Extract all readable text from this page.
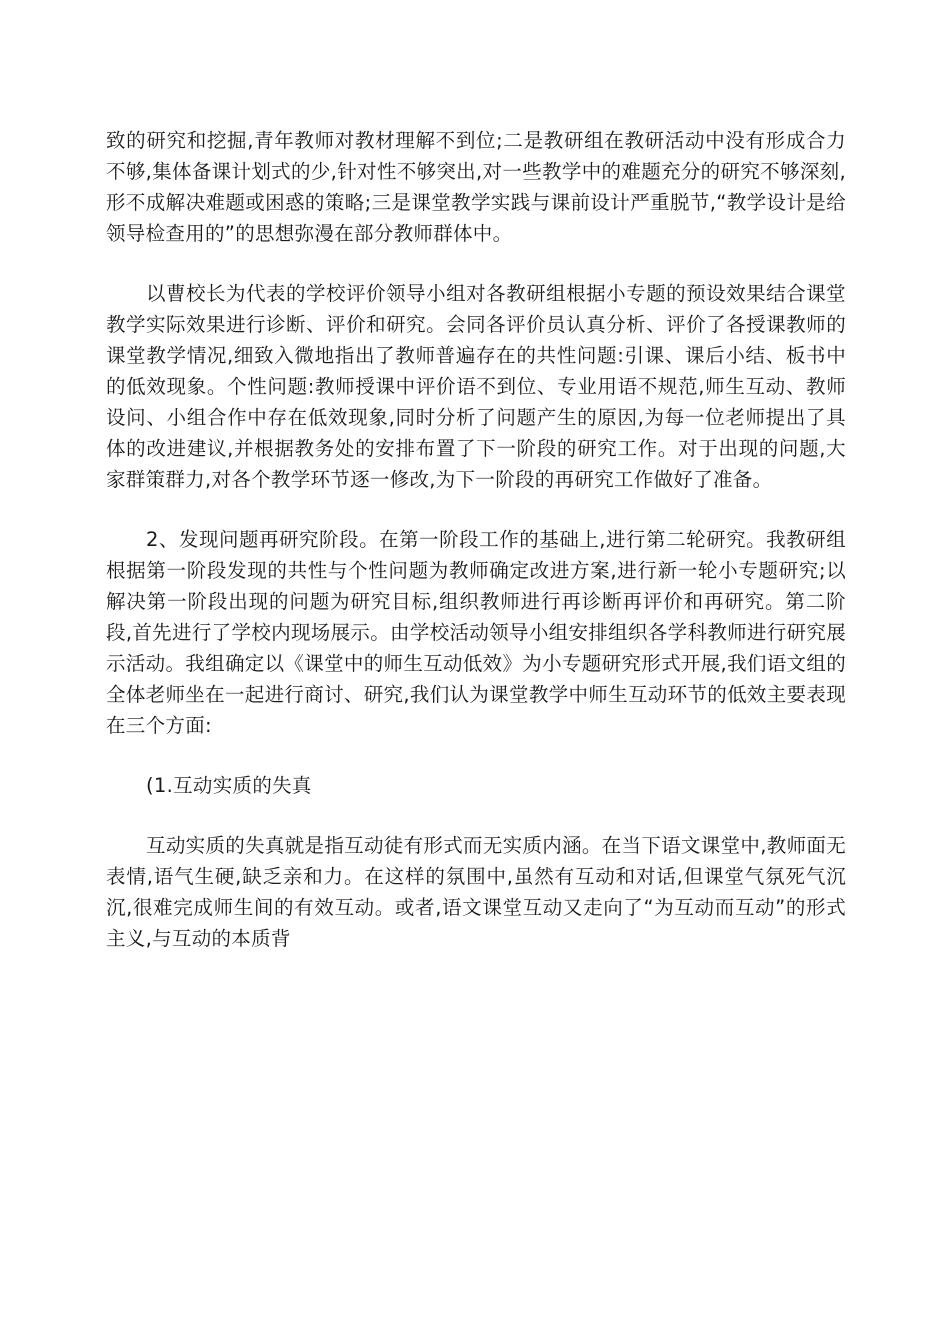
致的研究和挖掘,青年教师对教材理解不到位;二是教研组在教研活动中没有形成合力不够,集体备课计划式的少,针对性不够突出,对一些教学中的难题充分的研究不够深刻,形不成解决难题或困惑的策略;三是课堂教学实践与课前设计严重脱节,“教学设计是给领导检查用的”的思想弥漫在部分教师群体中。

以曹校长为代表的学校评价领导小组对各教研组根据小专题的预设效果结合课堂教学实际效果进行诊断、评价和研究。会同各评价员认真分析、评价了各授课教师的课堂教学情况,细致入微地指出了教师普遍存在的共性问题:引课、课后小结、板书中的低效现象。个性问题:教师授课中评价语不到位、专业用语不规范,师生互动、教师设问、小组合作中存在低效现象,同时分析了问题产生的原因,为每一位老师提出了具体的改进建议,并根据教务处的安排布置了下一阶段的研究工作。对于出现的问题,大家群策群力,对各个教学环节逐一修改,为下一阶段的再研究工作做好了准备。

2、发现问题再研究阶段。在第一阶段工作的基础上,进行第二轮研究。我教研组根据第一阶段发现的共性与个性问题为教师确定改进方案,进行新一轮小专题研究;以解决第一阶段出现的问题为研究目标,组织教师进行再诊断再评价和再研究。第二阶段,首先进行了学校内现场展示。由学校活动领导小组安排组织各学科教师进行研究展示活动。我组确定以《课堂中的师生互动低效》为小专题研究形式开展,我们语文组的全体老师坐在一起进行商讨、研究,我们认为课堂教学中师生互动环节的低效主要表现在三个方面:

(1.互动实质的失真

互动实质的失真就是指互动徒有形式而无实质内涵。在当下语文课堂中,教师面无表情,语气生硬,缺乏亲和力。在这样的氛围中,虽然有互动和对话,但课堂气氛死气沉沉,很难完成师生间的有效互动。或者,语文课堂互动又走向了“为互动而互动”的形式主义,与互动的本质背
